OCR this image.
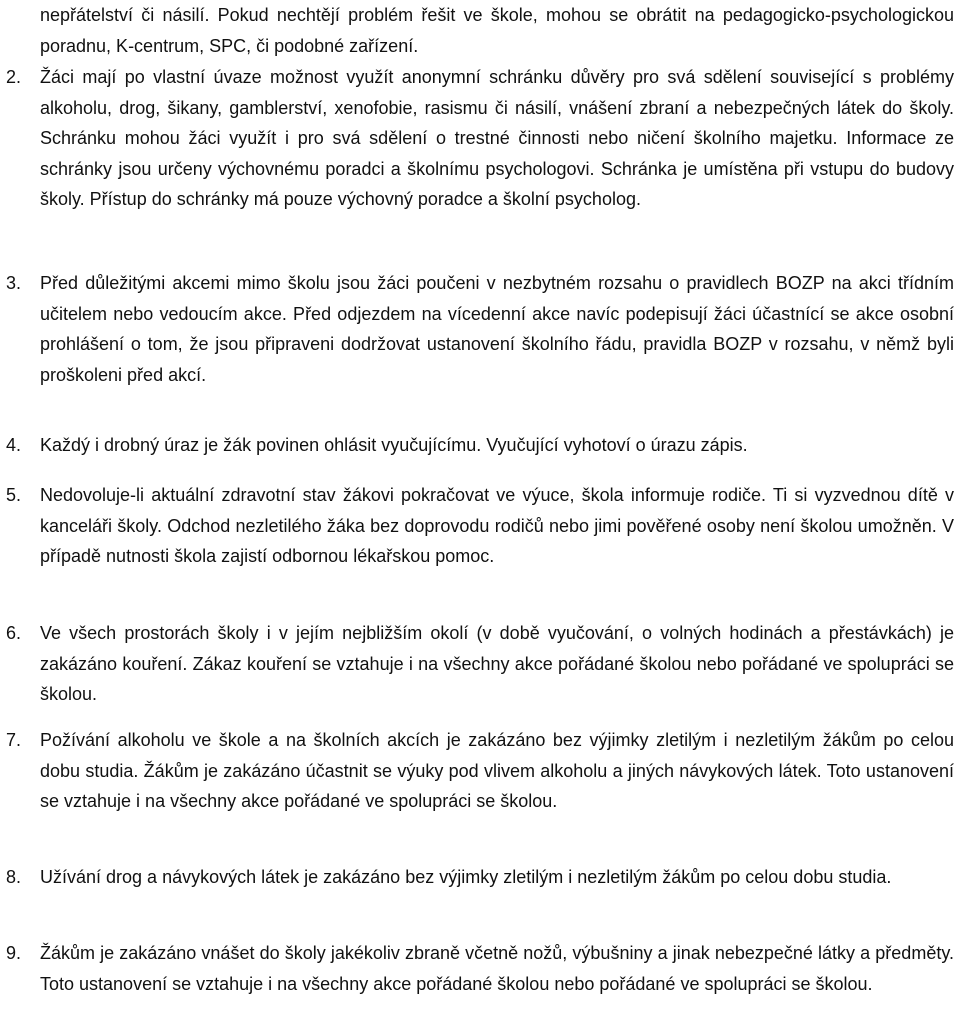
nepřátelství či násilí. Pokud nechtějí problém řešit ve škole, mohou se obrátit na pedagogicko-psychologickou poradnu, K-centrum, SPC, či podobné zařízení.

2.	Žáci mají po vlastní úvaze možnost využít anonymní schránku důvěry pro svá sdělení související s problémy alkoholu, drog, šikany, gamblerství, xenofobie, rasismu či násilí, vnášení zbraní a nebezpečných látek do školy. Schránku mohou žáci využít i pro svá sdělení o trestné činnosti nebo ničení školního majetku. Informace ze schránky jsou určeny výchovnému poradci a školnímu psychologovi. Schránka je umístěna při vstupu do budovy školy. Přístup do schránky má pouze výchovný poradce a školní psycholog.

3.	Před důležitými akcemi mimo školu jsou žáci poučeni v nezbytném rozsahu o pravidlech BOZP na akci třídním učitelem nebo vedoucím akce. Před odjezdem na vícedenní akce navíc podepisují žáci účastnící se akce osobní prohlášení o tom, že jsou připraveni dodržovat ustanovení školního řádu, pravidla BOZP v rozsahu, v němž byli proškoleni před akcí.

4.	Každý i drobný úraz je žák povinen ohlásit vyučujícímu. Vyučující vyhotoví o úrazu zápis.

5.	Nedovoluje-li aktuální zdravotní stav žákovi pokračovat ve výuce, škola informuje rodiče. Ti si vyzvednou dítě v kanceláři školy. Odchod nezletilého žáka bez doprovodu rodičů nebo jimi pověřené osoby není školou umožněn. V případě nutnosti škola zajistí odbornou lékařskou pomoc.

6.	Ve všech prostorách školy i v jejím nejbližším okolí (v době vyučování, o volných hodinách a přestávkách) je zakázáno kouření. Zákaz kouření se vztahuje i na všechny akce pořádané školou nebo pořádané ve spolupráci se školou.

7.	Požívání alkoholu ve škole a na školních akcích je zakázáno bez výjimky zletilým i nezletilým žákům po celou dobu studia. Žákům je zakázáno účastnit se výuky pod vlivem alkoholu a jiných návykových látek. Toto ustanovení se vztahuje i na všechny akce pořádané ve spolupráci se školou.

8.	Užívání drog a návykových látek je zakázáno bez výjimky zletilým i nezletilým žákům po celou dobu studia.

9.	Žákům je zakázáno vnášet do školy jakékoliv zbraně včetně nožů, výbušniny a jinak nebezpečné látky a předměty. Toto ustanovení se vztahuje i na všechny akce pořádané školou nebo pořádané ve spolupráci se školou.
